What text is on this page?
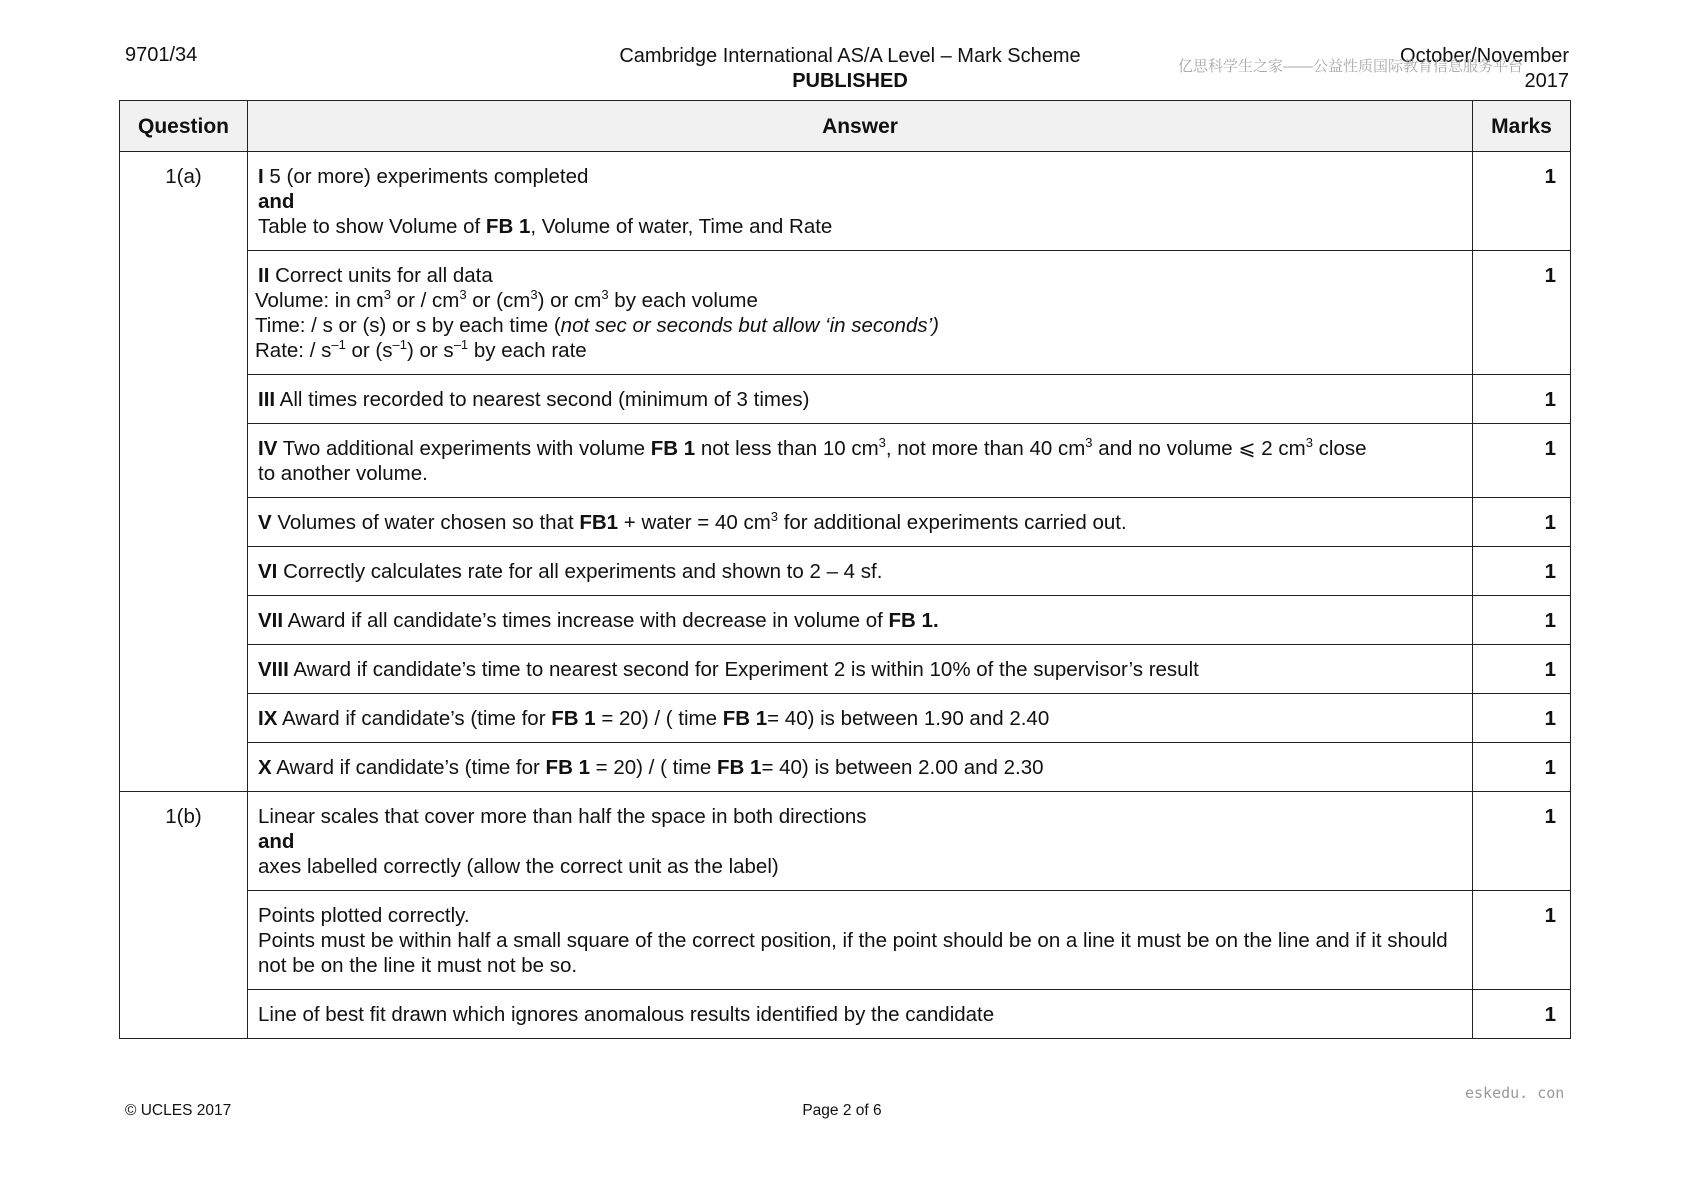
9701/34	Cambridge International AS/A Level – Mark Scheme
PUBLISHED
October/November
2017
亿思科学生之家——公益性质国际教育信息服务平台
Question	Answer	Marks
1(a)	I 5 (or more) experiments completed
and
Table to show Volume of FB 1, Volume of water, Time and Rate	1

	II Correct units for all data
Volume: in $cm^3$ or / $cm^3$ or $(cm^3)$ or $cm^3$ by each volume
Time: / s or (s) or s by each time (not sec or seconds but allow ‘in seconds’)
Rate: / $s^{-1}$ or $(s^{-1})$ or $s^{-1}$ by each rate	1
	III All times recorded to nearest second (minimum of 3 times)	1

	IV Two additional experiments with volume FB 1 not less than 10 $cm^3$, not more than 40 $cm^3$ and no volume ⩽ 2 $cm^3$ close
to another volume.	1
	V Volumes of water chosen so that FB1 + water = 40 $cm^3$ for additional experiments carried out.	1
	VI Correctly calculates rate for all experiments and shown to 2 – 4 sf.	1
	VII Award if all candidate’s times increase with decrease in volume of FB 1.	1
	VIII Award if candidate’s time to nearest second for Experiment 2 is within 10% of the supervisor’s result	1
	IX Award if candidate’s (time for FB 1 = 20) / ( time FB 1= 40) is between 1.90 and 2.40	1
	X Award if candidate’s (time for FB 1 = 20) / ( time FB 1= 40) is between 2.00 and 2.30	1
1(b)	Linear scales that cover more than half the space in both directions
and
axes labelled correctly (allow the correct unit as the label)	1

	Points plotted correctly.
Points must be within half a small square of the correct position, if the point should be on a line it must be on the line and if it should not be on the line it must not be so.	1
	Line of best fit drawn which ignores anomalous results identified by the candidate	1
eskedu. con
© UCLES 2017	Page 2 of 6
